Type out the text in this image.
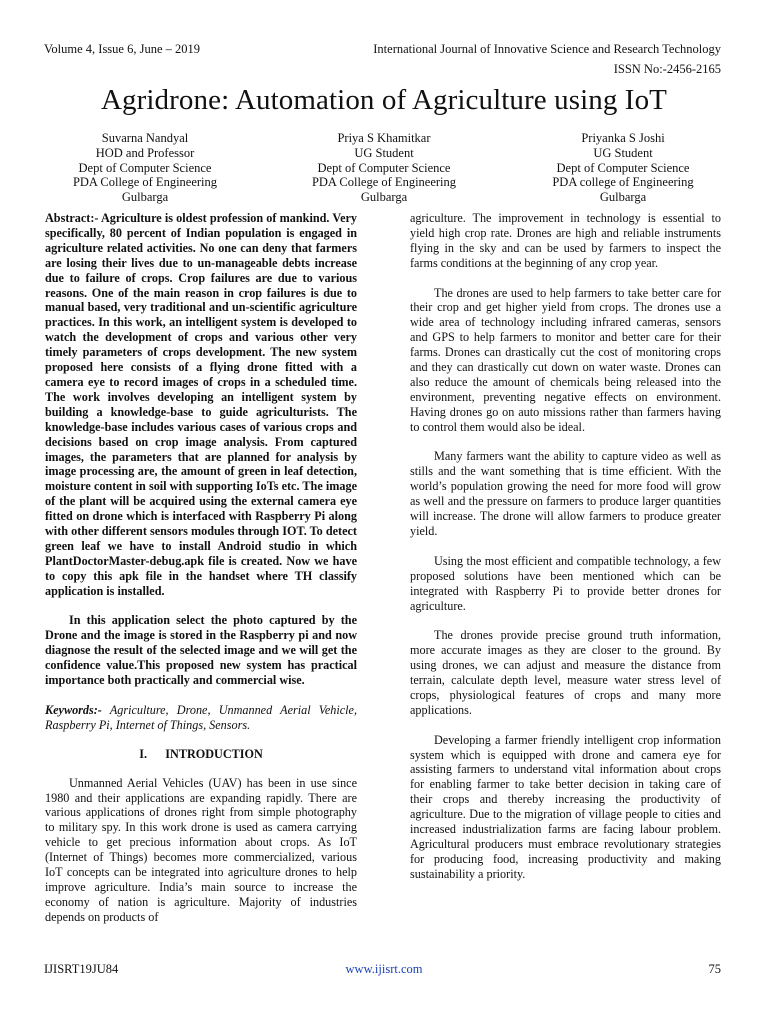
Volume 4, Issue 6, June – 2019	International Journal of Innovative Science and Research Technology
ISSN No:-2456-2165
Agridrone: Automation of Agriculture using IoT
Suvarna Nandyal
HOD and Professor
Dept of Computer Science
PDA College of Engineering
Gulbarga
Priya S Khamitkar
UG Student
Dept of Computer Science
PDA College of Engineering
Gulbarga
Priyanka S Joshi
UG Student
Dept of Computer Science
PDA college of Engineering
Gulbarga

Abstract:- Agriculture is oldest profession of mankind. Very specifically, 80 percent of Indian population is engaged in agriculture related activities. No one can deny that farmers are losing their lives due to un-manageable debts increase due to failure of crops. Crop failures are due to various reasons. One of the main reason in crop failures is due to manual based, very traditional and un-scientific agriculture practices. In this work, an intelligent system is developed to watch the development of crops and various other very timely parameters of crops development. The new system proposed here consists of a flying drone fitted with a camera eye to record images of crops in a scheduled time. The work involves developing an intelligent system by building a knowledge-base to guide agriculturists. The knowledge-base includes various cases of various crops and decisions based on crop image analysis. From captured images, the parameters that are planned for analysis by image processing are, the amount of green in leaf detection, moisture content in soil with supporting IoTs etc. The image of the plant will be acquired using the external camera eye fitted on drone which is interfaced with Raspberry Pi along with other different sensors modules through IOT. To detect green leaf we have to install Android studio in which PlantDoctorMaster-debug.apk file is created. Now we have to copy this apk file in the handset where TH classify application is installed.

In this application select the photo captured by the Drone and the image is stored in the Raspberry pi and now diagnose the result of the selected image and we will get the confidence value.This proposed new system has practical importance both practically and commercial wise.

Keywords:- Agriculture, Drone, Unmanned Aerial Vehicle, Raspberry Pi, Internet of Things, Sensors.

I.      INTRODUCTION

Unmanned Aerial Vehicles (UAV) has been in use since 1980 and their applications are expanding rapidly. There are various applications of drones right from simple photography to military spy. In this work drone is used as camera carrying vehicle to get precious information about crops. As IoT (Internet of Things) becomes more commercialized, various IoT concepts can be integrated into agriculture drones to help improve agriculture. India’s main source to increase the economy of nation is agriculture. Majority of industries depends on products of

agriculture. The improvement in technology is essential to yield high crop rate. Drones are high and reliable instruments flying in the sky and can be used by farmers to inspect the farms conditions at the beginning of any crop year.

The drones are used to help farmers to take better care for their crop and get higher yield from crops. The drones use a wide area of technology including infrared cameras, sensors and GPS to help farmers to monitor and better care for their farms. Drones can drastically cut the cost of monitoring crops and they can drastically cut down on water waste. Drones can also reduce the amount of chemicals being released into the environment, preventing negative effects on environment. Having drones go on auto missions rather than farmers having to control them would also be ideal.

Many farmers want the ability to capture video as well as stills and the want something that is time efficient. With the world’s population growing the need for more food will grow as well and the pressure on farmers to produce larger quantities will increase. The drone will allow farmers to produce greater yield.

Using the most efficient and compatible technology, a few proposed solutions have been mentioned which can be integrated with Raspberry Pi to provide better drones for agriculture.

The drones provide precise ground truth information, more accurate images as they are closer to the ground. By using drones, we can adjust and measure the distance from terrain, calculate depth level, measure water stress level of crops, physiological features of crops and many more applications.

Developing a farmer friendly intelligent crop information system which is equipped with drone and camera eye for assisting farmers to understand vital information about crops for enabling farmer to take better decision in taking care of their crops and thereby increasing the productivity of agriculture. Due to the migration of village people to cities and increased industrialization farms are facing labour problem. Agricultural producers must embrace revolutionary strategies for producing food, increasing productivity and making sustainability a priority.

IJISRT19JU84	www.ijisrt.com	75
